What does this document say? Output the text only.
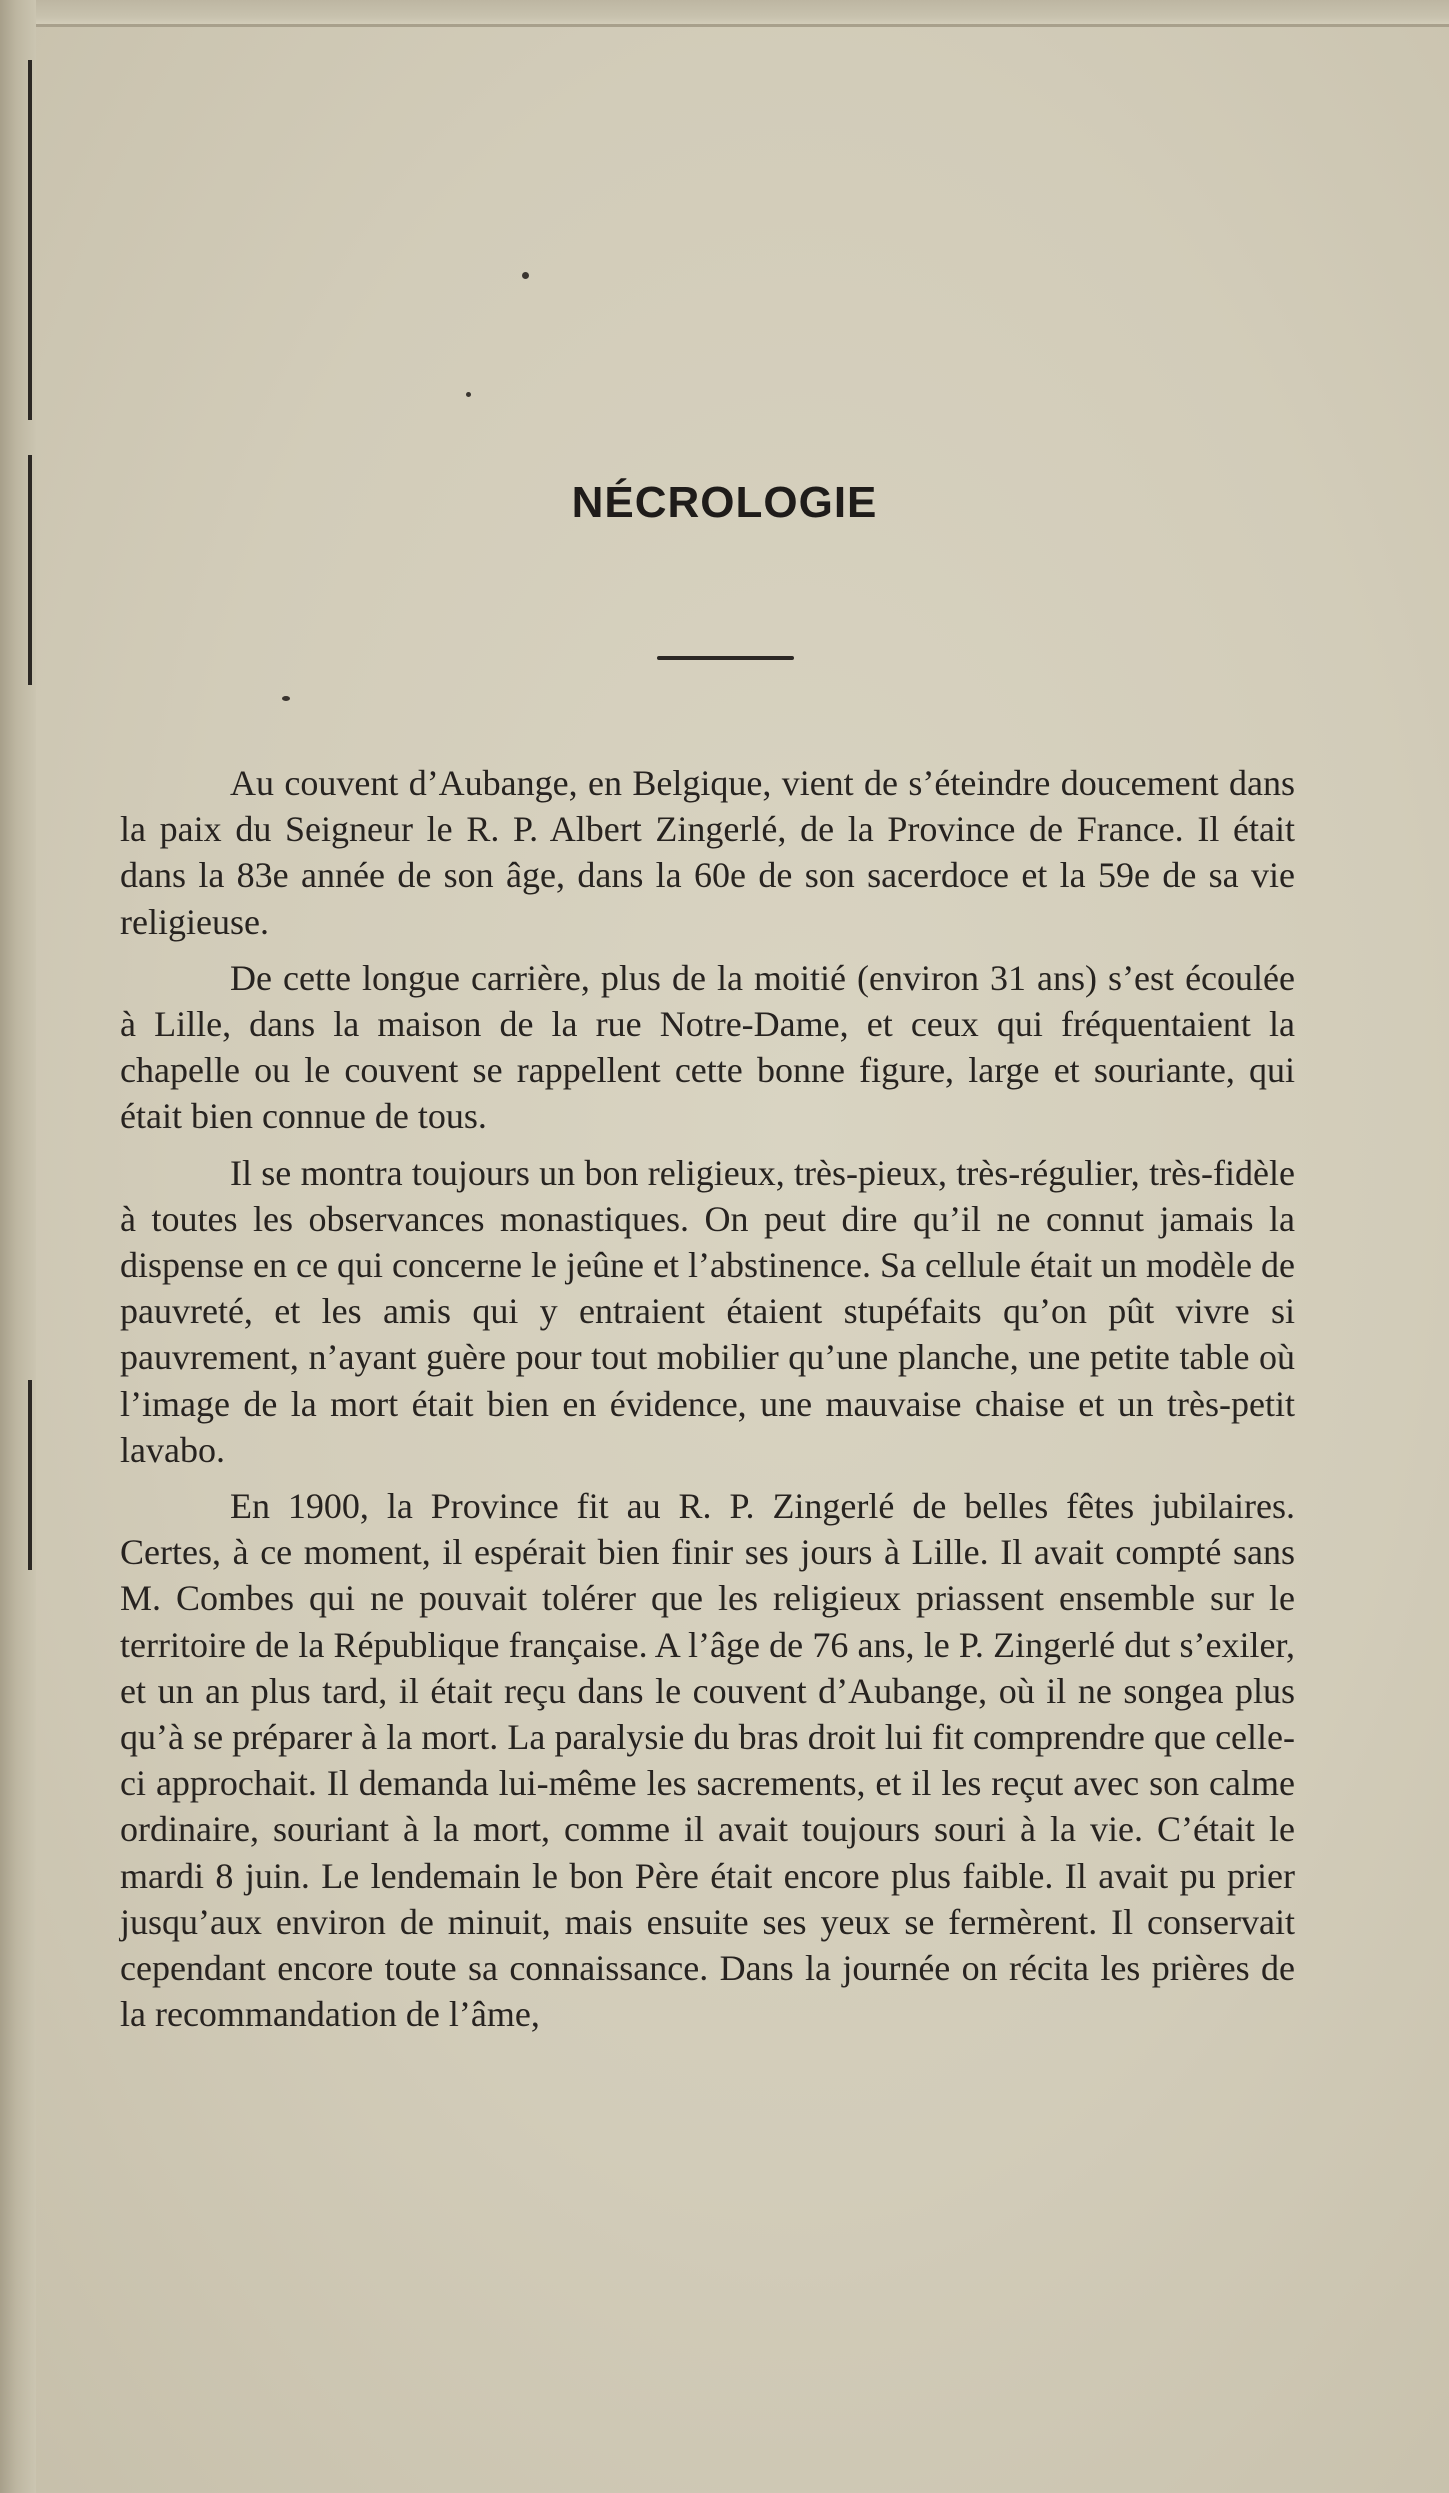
NÉCROLOGIE

Au couvent d’Aubange, en Belgique, vient de s’éteindre doucement dans la paix du Seigneur le R. P. Albert Zingerlé, de la Province de France. Il était dans la 83e année de son âge, dans la 60e de son sacerdoce et la 59e de sa vie religieuse.

De cette longue carrière, plus de la moitié (environ 31 ans) s’est écoulée à Lille, dans la maison de la rue Notre-Dame, et ceux qui fréquentaient la chapelle ou le couvent se rappellent cette bonne figure, large et souriante, qui était bien connue de tous.

Il se montra toujours un bon religieux, très-pieux, très-régulier, très-fidèle à toutes les observances monastiques. On peut dire qu’il ne connut jamais la dispense en ce qui concerne le jeûne et l’abstinence. Sa cellule était un modèle de pauvreté, et les amis qui y entraient étaient stupéfaits qu’on pût vivre si pauvrement, n’ayant guère pour tout mobilier qu’une planche, une petite table où l’image de la mort était bien en évidence, une mauvaise chaise et un très-petit lavabo.

En 1900, la Province fit au R. P. Zingerlé de belles fêtes jubilaires. Certes, à ce moment, il espérait bien finir ses jours à Lille. Il avait compté sans M. Combes qui ne pouvait tolérer que les religieux priassent ensemble sur le territoire de la République française. A l’âge de 76 ans, le P. Zingerlé dut s’exiler, et un an plus tard, il était reçu dans le couvent d’Aubange, où il ne songea plus qu’à se préparer à la mort. La paralysie du bras droit lui fit comprendre que celle-ci approchait. Il demanda lui-même les sacrements, et il les reçut avec son calme ordinaire, souriant à la mort, comme il avait toujours souri à la vie. C’était le mardi 8 juin. Le lendemain le bon Père était encore plus faible. Il avait pu prier jusqu’aux environ de minuit, mais ensuite ses yeux se fermèrent. Il conservait cependant encore toute sa connaissance. Dans la journée on récita les prières de la recommandation de l’âme,
